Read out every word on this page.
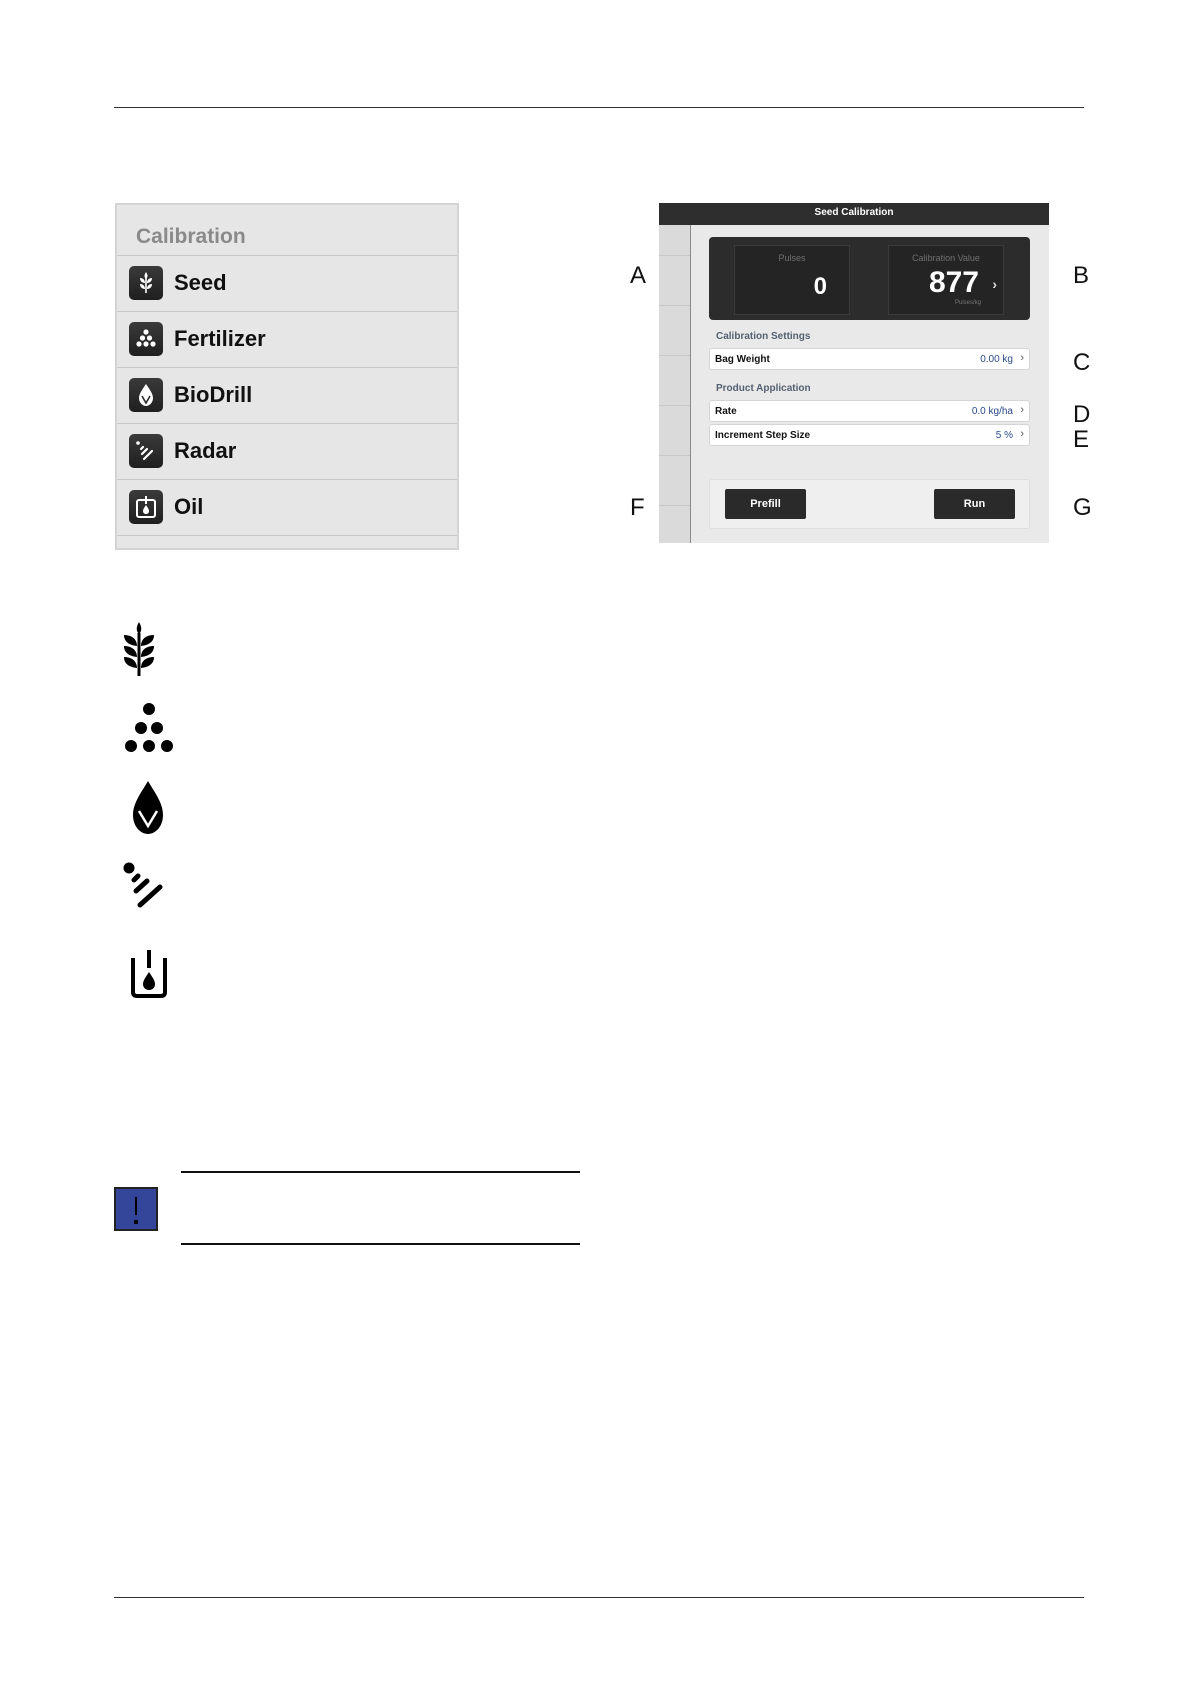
Calibration
Seed
Fertilizer
BioDrill
Radar
Oil
Seed Calibration
Pulses
0
Calibration Value
877 ›
Pulses/kg
Calibration Settings
Bag Weight	0.00 kg ›
Product Application
Rate	0.0 kg/ha ›
Increment Step Size	5 % ›
Prefill	Run
A	B
C
D
E
F	G
